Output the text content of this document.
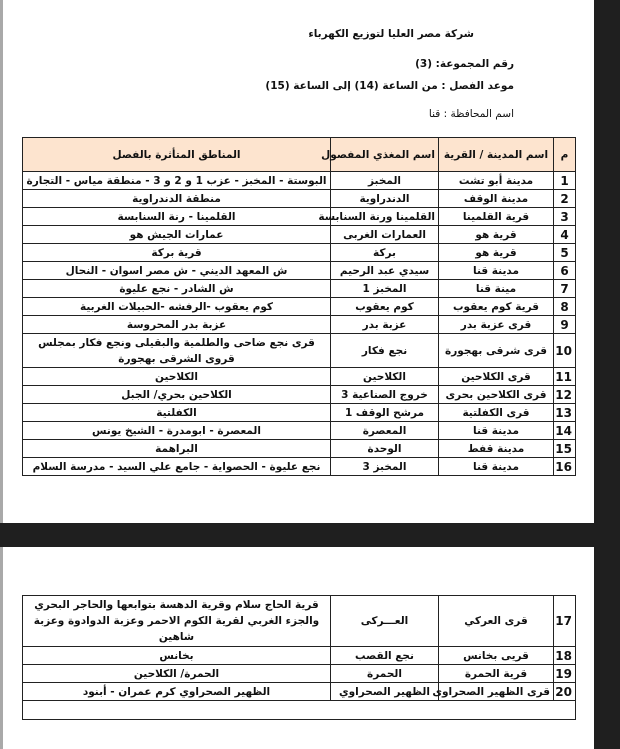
شركة مصر العليا لتوزيع الكهرباء
رقم المجموعة: (3)
موعد الفصل : من الساعة (14) إلى الساعة (15)
اسم المحافظة : قنا
م	اسم المدينة / القرية	اسم المغذي المفصول	المناطق المتأثرة بالفصل
1	مدينة أبو تشت	المخبز	البوستة - المخبز - عزب 1 و 2 و 3 - منطقة مياس - التجارة
2	مدينة الوقف	الدندراوية	منطقة الدندراوية
3	قرية القلمينا	القلمينا ورنة السنابسة	القلمينا - رنة السنابسة
4	قرية هو	العمارات الغربى	عمارات الجيش هو
5	قرية هو	بركة	قرية بركة
6	مدينة قنا	سيدي عبد الرحيم	ش المعهد الديني - ش مصر اسوان - النحال
7	مينة قنا	المخبز 1	ش الشادر - نجع عليوة
8	قرية كوم يعقوب	كوم يعقوب	كوم يعقوب -الرفشه -الحبيلات الغربية
9	قرى عزبة بدر	عزبة بدر	عزبة بدر المحروسة
10	قرى شرقى بهجورة	نجع فكار	قرى نجع ضاحى والطلمية والبقيلى ونجع فكار بمجلس قروى الشرقى بهجورة
11	قرى الكلاحين	الكلاحين	الكلاحين
12	قرى الكلاحين بحرى	خروج الصناعية 3	الكلاحين بحري/ الجبل
13	قرى الكفلتية	مرشح الوقف 1	الكفلتية
14	مدينة قنا	المعصرة	المعصرة - ابومدرة - الشيخ يونس
15	مدينة قفط	الوحدة	البراهمة
16	مدينة قنا	المخبز 3	نجع عليوة - الحصواية - جامع علي السيد - مدرسة السلام
17	قرى العركي	العـــركى	قرية الحاج سلام وقرية الدهسة بتوابعها والحاجر البحري والجزء الغربي لقرية الكوم الاحمر وعزبة الدوادوة وعزبة شاهين
18	قريى بخانس	نجع القصب	بخانس
19	قرية الحمرة	الحمرة	الحمرة/ الكلاحين
20	قرى الظهير الصحراوى	الظهير الصحراوي	الظهير الصحراوي كرم عمران - أبنود
